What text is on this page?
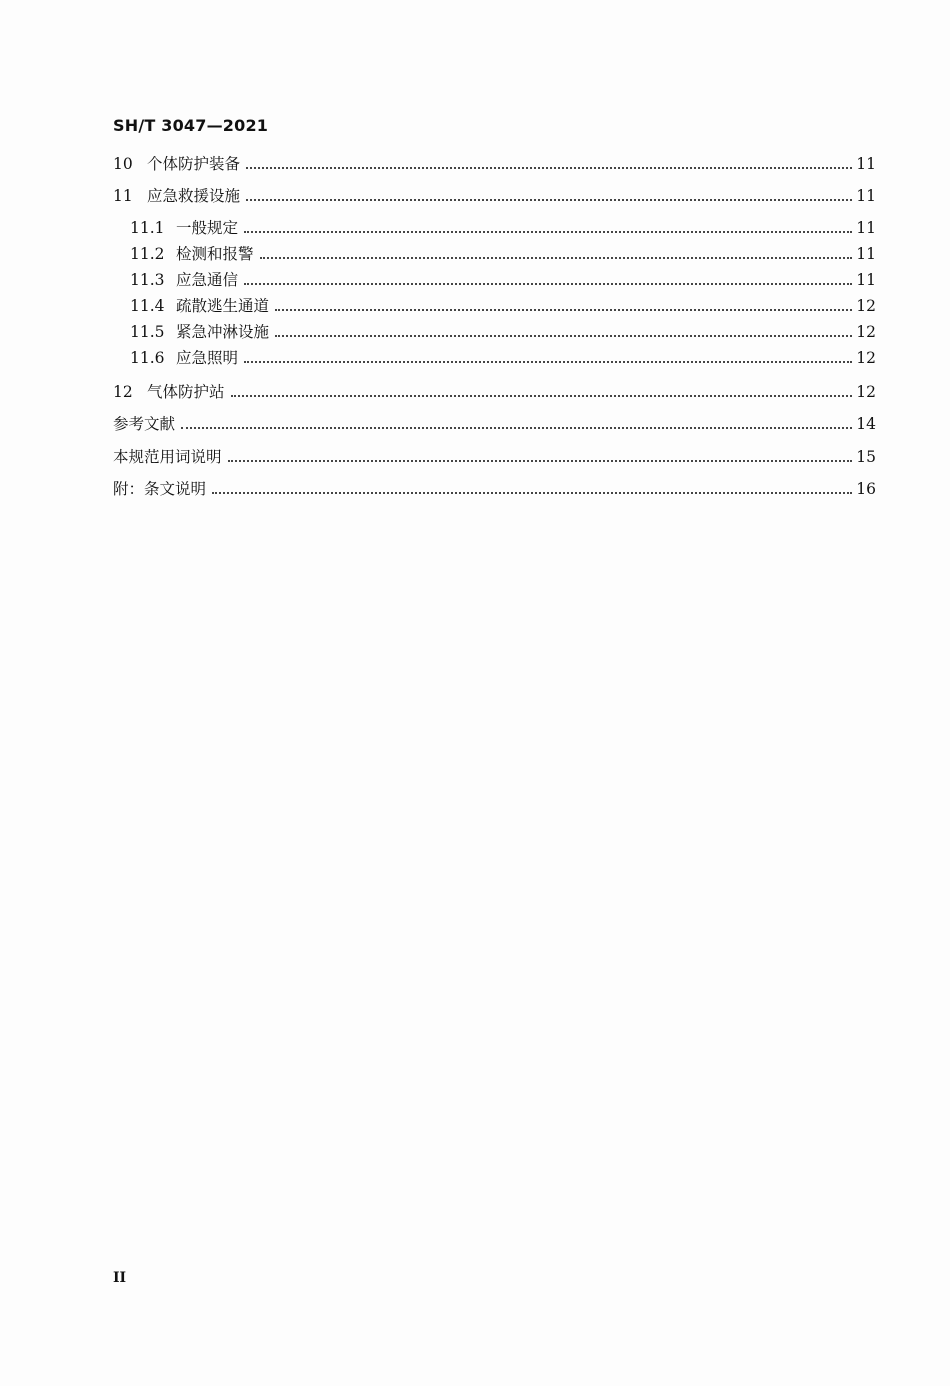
SH/T 3047—2021
10 个体防护装备	11
11 应急救援设施	11
11.1 一般规定	11
11.2 检测和报警	11
11.3 应急通信	11
11.4 疏散逃生通道	12
11.5 紧急冲淋设施	12
11.6 应急照明	12
12 气体防护站	12
参考文献	14
本规范用词说明	15
附：条文说明	16
II
